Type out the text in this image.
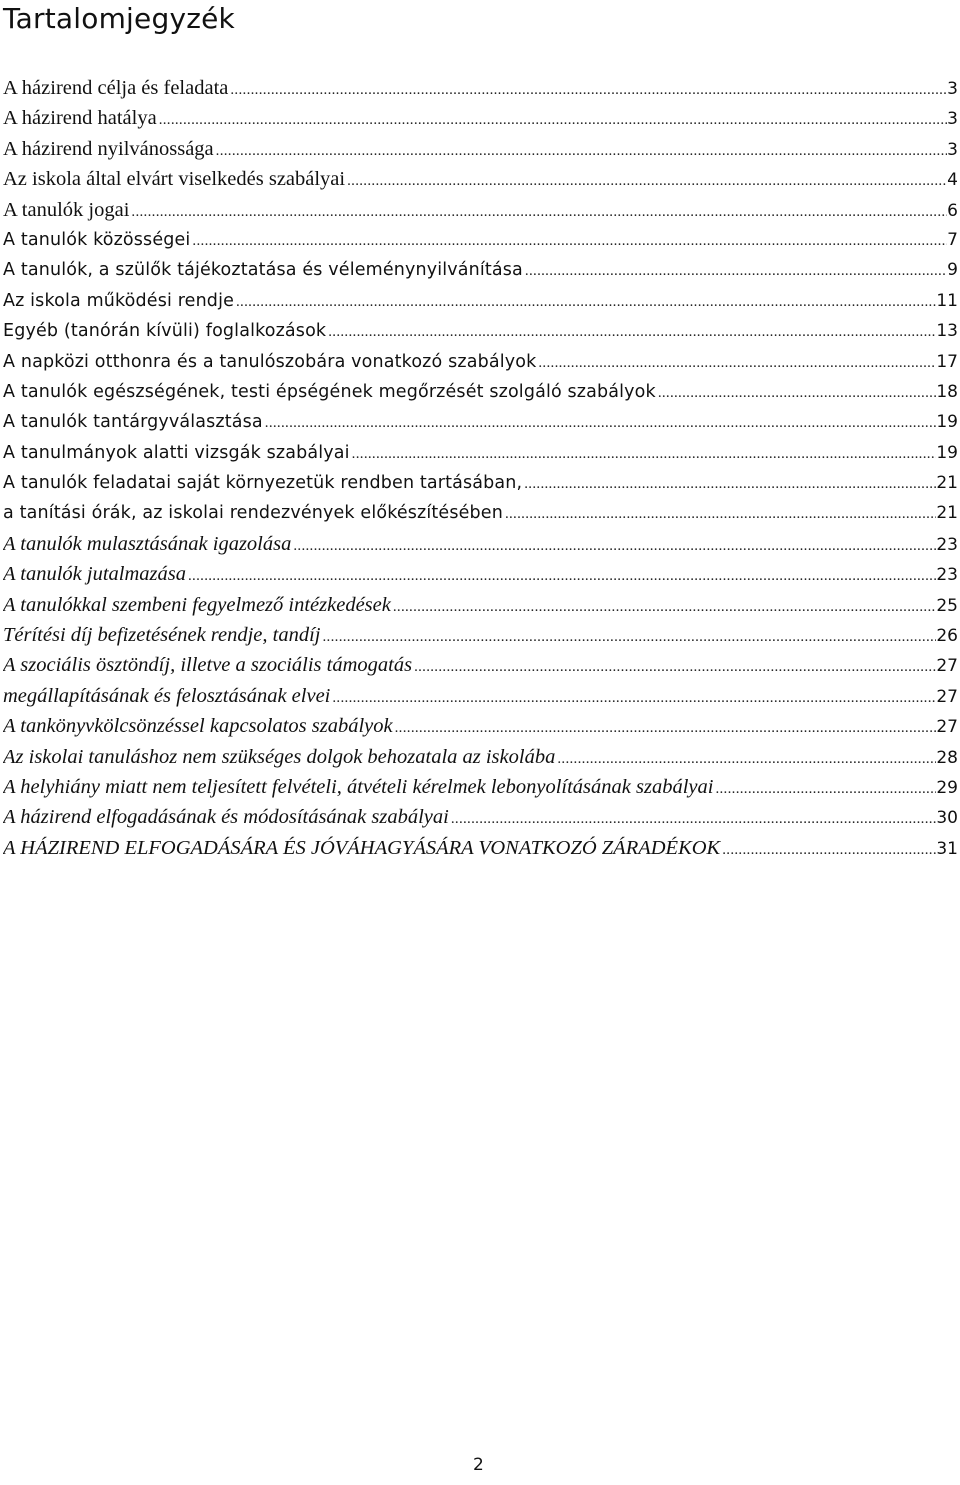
Tartalomjegyzék
A házirend célja és feladata .....	3
A házirend hatálya .....	3
A házirend nyilvánossága .....	3
Az iskola által elvárt viselkedés szabályai .....	4
A tanulók jogai .....	6
A tanulók közösségei .....	7
A tanulók, a szülők tájékoztatása és véleménynyilvánítása .....	9
Az iskola működési rendje .....	11
Egyéb (tanórán kívüli) foglalkozások .....	13
A napközi otthonra és a tanulószobára vonatkozó szabályok .....	17
A tanulók egészségének, testi épségének megőrzését szolgáló szabályok .....	18
A tanulók tantárgyválasztása .....	19
A tanulmányok alatti vizsgák szabályai .....	19
A tanulók feladatai saját környezetük rendben tartásában, .....	21
a tanítási órák, az iskolai rendezvények előkészítésében .....	21
A tanulók mulasztásának igazolása .....	23
A tanulók jutalmazása .....	23
A tanulókkal szembeni fegyelmező intézkedések .....	25
Térítési díj befizetésének rendje, tandíj .....	26
A szociális ösztöndíj, illetve a szociális támogatás .....	27
megállapításának és felosztásának elvei .....	27
A tankönyvkölcsönzéssel kapcsolatos szabályok .....	27
Az iskolai tanuláshoz nem szükséges dolgok behozatala az iskolába .....	28
A helyhiány miatt nem teljesített felvételi, átvételi kérelmek lebonyolításának szabályai .....	29
A házirend elfogadásának és módosításának szabályai .....	30
A HÁZIREND ELFOGADÁSÁRA ÉS JÓVÁHAGYÁSÁRA VONATKOZÓ ZÁRADÉKOK .....	31
2
